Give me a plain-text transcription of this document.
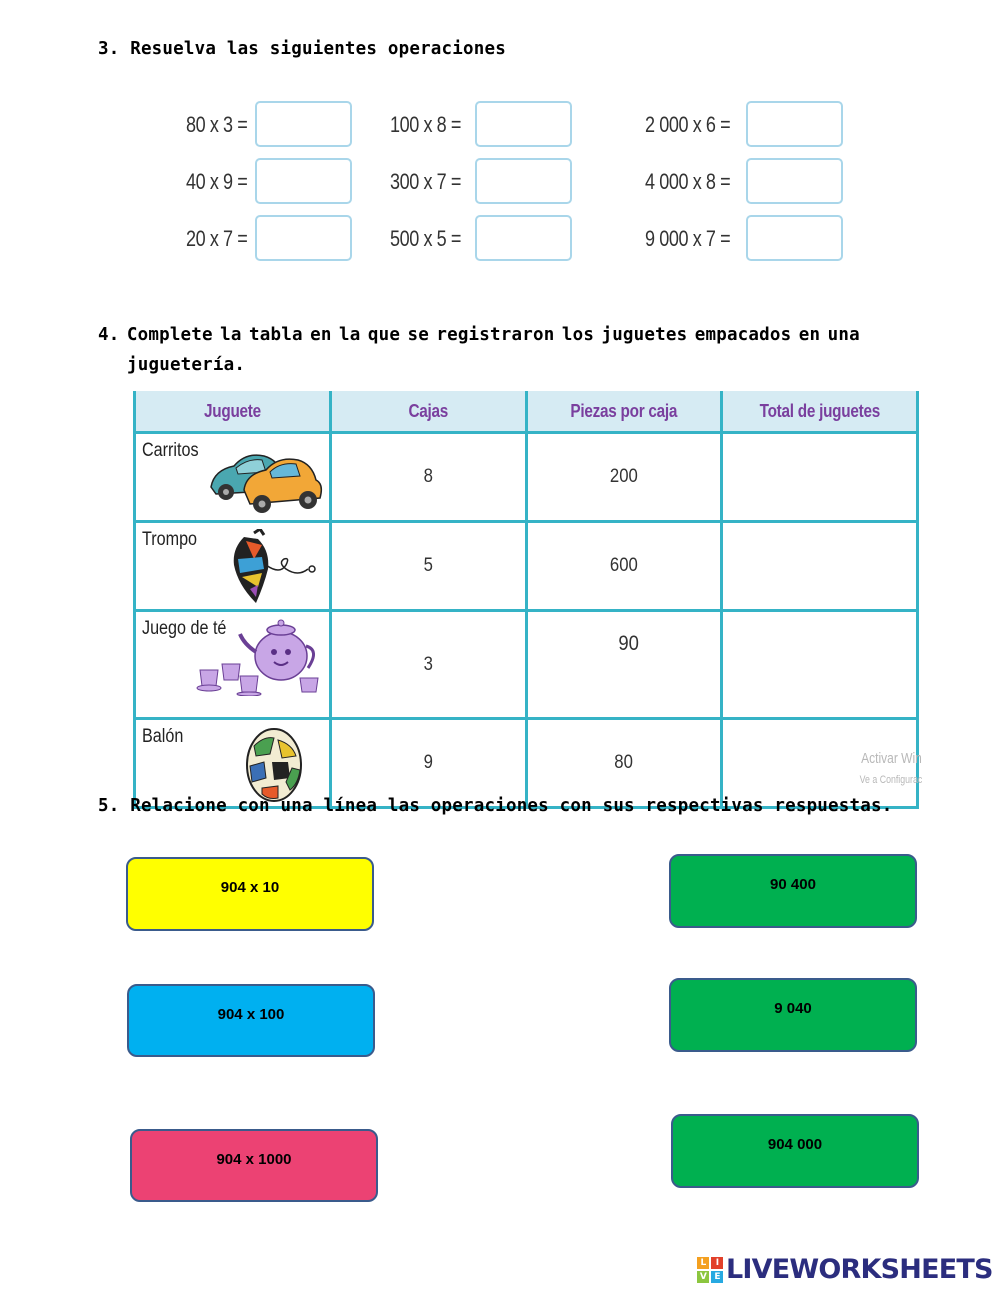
3. Resuelva las siguientes operaciones
80 x 3 =
40 x 9 =
20 x 7 =
100 x 8 =
300 x 7 =
500 x 5 =
2 000 x 6 =
4 000 x 8 =
9 000 x 7 =
4. Complete la tabla en la que se registraron los juguetes empacados en una
juguetería.
Juguete	Cajas	Piezas por caja	Total de juguetes

Carritos	8	200	

Trompo	5	600	

Juego de té	3	90	

Balón	9	80	Activar Win
Ve a Configurac
5. Relacione con una línea las operaciones con sus respectivas respuestas.
904 x 10
904 x 100
904 x 1000
90 400
9 040
904 000
L	I
V E LIVEWORKSHEETS
